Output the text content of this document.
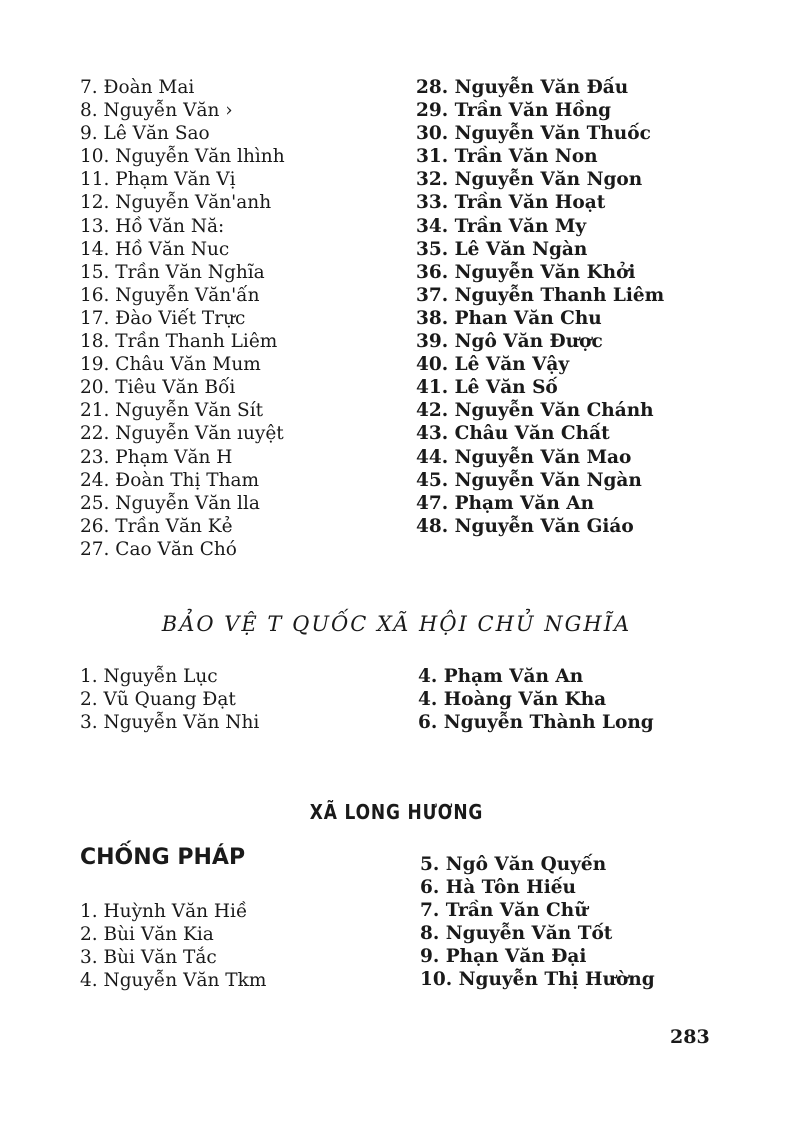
7. Đoàn Mai
8. Nguyễn Văn ›
9. Lê Văn Sao
10. Nguyễn Văn lhình
11. Phạm Văn Vị
12. Nguyễn Văn'anh
13. Hồ Văn Nă:
14. Hồ Văn Nuc
15. Trần Văn Nghĩa
16. Nguyễn Văn'ấn
17. Đào Viết Trực
18. Trần Thanh Liêm
19. Châu Văn Mum
20. Tiêu Văn Bối
21. Nguyễn Văn Sít
22. Nguyễn Văn ıuyệt
23. Phạm Văn H
24. Đoàn Thị Tham
25. Nguyễn Văn lla
26. Trần Văn Kẻ
27. Cao Văn Chó
28. Nguyễn Văn Đấu
29. Trần Văn Hồng
30. Nguyễn Văn Thuốc
31. Trần Văn Non
32. Nguyễn Văn Ngon
33. Trần Văn Hoạt
34. Trần Văn My
35. Lê Văn Ngàn
36. Nguyễn Văn Khởi
37. Nguyễn Thanh Liêm
38. Phan Văn Chu
39. Ngô Văn Được
40. Lê Văn Vậy
41. Lê Văn Số
42. Nguyễn Văn Chánh
43. Châu Văn Chất
44. Nguyễn Văn Mao
45. Nguyễn Văn Ngàn
47. Phạm Văn An
48. Nguyễn Văn Giáo
BẢO VỆ T QUỐC XÃ HỘI CHỦ NGHĨA
1. Nguyễn Lục
2. Vũ Quang Đạt
3. Nguyễn Văn Nhi
4. Phạm Văn An
4. Hoàng Văn Kha
6. Nguyễn Thành Long
XÃ LONG HƯƠNG
CHỐNG PHÁP
1. Huỳnh Văn Hiề
2. Bùi Văn Kia
3. Bùi Văn Tắc
4. Nguyễn Văn Tkm
5. Ngô Văn Quyến
6. Hà Tôn Hiếu
7. Trần Văn Chữ
8. Nguyễn Văn Tốt
9. Phạn Văn Đại
10. Nguyễn Thị Hường
283
